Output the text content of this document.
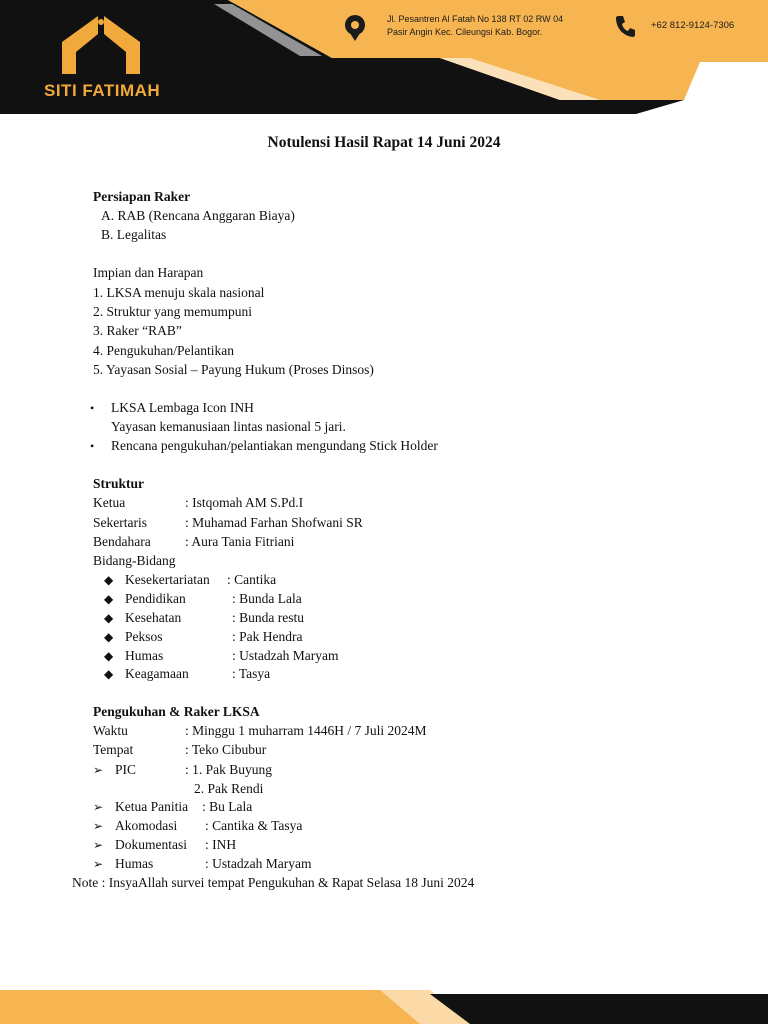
SITI FATIMAH
Jl. Pesantren Al Fatah No 138 RT 02 RW 04
Pasir Angin Kec. Cileungsi Kab. Bogor.
+62 812-9124-7306
Notulensi Hasil Rapat 14 Juni 2024
Persiapan Raker
A. RAB (Rencana Anggaran Biaya)
B. Legalitas
Impian dan Harapan
1. LKSA menuju skala nasional
2. Struktur yang memumpuni
3. Raker “RAB”
4. Pengukuhan/Pelantikan
5. Yayasan Sosial – Payung Hukum (Proses Dinsos)
• LKSA Lembaga Icon INH
Yayasan kemanusiaan lintas nasional 5 jari.
• Rencana pengukuhan/pelantiakan mengundang Stick Holder
Struktur
Ketua	: Istqomah AM S.Pd.I
Sekertaris	: Muhamad Farhan Shofwani SR
Bendahara	: Aura Tania Fitriani
Bidang-Bidang
◆ Kesekertariatan : Cantika
◆ Pendidikan	: Bunda Lala
◆ Kesehatan	: Bunda restu
◆ Peksos	: Pak Hendra
◆ Humas	: Ustadzah Maryam
◆ Keagamaan	: Tasya
Pengukuhan & Raker LKSA
Waktu	: Minggu 1 muharram 1446H / 7 Juli 2024M
Tempat	: Teko Cibubur
➢ PIC	: 1. Pak Buyung
2. Pak Rendi
➢ Ketua Panitia : Bu Lala
➢ Akomodasi : Cantika & Tasya
➢ Dokumentasi : INH
➢ Humas	: Ustadzah Maryam
Note : InsyaAllah survei tempat Pengukuhan & Rapat Selasa 18 Juni 2024
